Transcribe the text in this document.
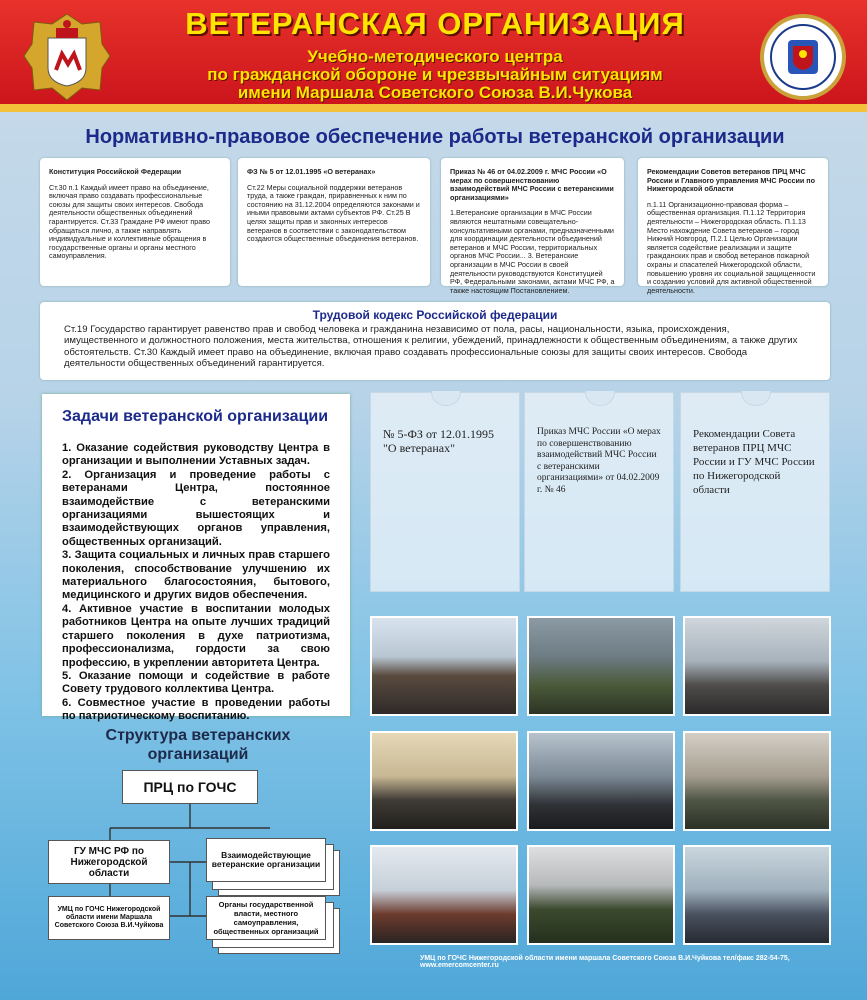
ВЕТЕРАНСКАЯ ОРГАНИЗАЦИЯ
Учебно-методического центра
по гражданской обороне и чрезвычайным ситуациям
имени Маршала Советского Союза В.И.Чукова
Нормативно-правовое обеспечение работы ветеранской организации
Конституция Российской Федерации

Ст.30 п.1 Каждый имеет право на объединение, включая право создавать профессиональные союзы для защиты своих интересов. Свобода деятельности общественных объединений гарантируется. Ст.33 Граждане РФ имеют право обращаться лично, а также направлять индивидуальные и коллективные обращения в государственные органы и органы местного самоуправления.

ФЗ № 5 от 12.01.1995 «О ветеранах»

Ст.22 Меры социальной поддержки ветеранов труда, а также граждан, приравненных к ним по состоянию на 31.12.2004 определяются законами и иными правовыми актами субъектов РФ. Ст.25 В целях защиты прав и законных интересов ветеранов в соответствии с законодательством создаются общественные объединения ветеранов.

Приказ № 46 от 04.02.2009 г. МЧС России «О мерах по совершенствованию взаимодействий МЧС России с ветеранскими организациями»

1.Ветеранские организации в МЧС России являются нештатными совещательно-консультативными органами, предназначенными для координации деятельности объединений ветеранов и МЧС России, территориальных органов МЧС России... 3. Ветеранские организации в МЧС России в своей деятельности руководствуются Конституцией РФ, Федеральными законами, актами МЧС РФ, а также настоящим Постановлением.

Рекомендации Советов ветеранов ПРЦ МЧС России и Главного управления МЧС России по Нижегородской области

п.1.11 Организационно-правовая форма – общественная организация. П.1.12 Территория деятельности – Нижегородская область. П.1.13 Место нахождение Совета ветеранов – город Нижний Новгород. П.2.1 Целью Организации является содействие реализации и защите гражданских прав и свобод ветеранов пожарной охраны и спасателей Нижегородской области, повышению уровня их социальной защищенности и созданию условий для активной общественной деятельности.

Трудовой кодекс Российской федерации
Ст.19 Государство гарантирует равенство прав и свобод человека и гражданина независимо от пола, расы, национальности, языка, происхождения, имущественного и должностного положения, места жительства, отношения к религии, убеждений, принадлежности к общественным объединениям, а также других обстоятельств. Ст.30 Каждый имеет право на объединение, включая право создавать профессиональные союзы для защиты своих интересов. Свобода деятельности общественных объединений гарантируется.
Задачи ветеранской организации
1. Оказание содействия руководству Центра в организации и выполнении Уставных задач.
2. Организация и проведение работы с ветеранами Центра, постоянное взаимодействие с ветеранскими организациями вышестоящих и взаимодействующих органов управления, общественных организаций.
3. Защита социальных и личных прав старшего поколения, способствование улучшению их материального благосостояния, бытового, медицинского и других видов обеспечения.
4. Активное участие в воспитании молодых работников Центра на опыте лучших традиций старшего поколения в духе патриотизма, профессионализма, гордости за свою профессию, в укреплении авторитета Центра.
5. Оказание помощи и содействие в работе Совету трудового коллектива Центра.
6. Совместное участие в проведении работы по патриотическому воспитанию.
№ 5-ФЗ от 12.01.1995 "О ветеранах"
Приказ МЧС России «О мерах по совершенствованию взаимодействий МЧС России с ветеранскими организациями» от 04.02.2009 г. № 46
Рекомендации Совета ветеранов ПРЦ МЧС России и ГУ МЧС России по Нижегородской области
Структура ветеранских организаций
ПРЦ по ГОЧС
ГУ МЧС РФ по Нижегородской области
УМЦ по ГОЧС Нижегородской области имени Маршала Советского Союза В.И.Чуйкова
Взаимодействующие ветеранские организации
Органы государственной власти, местного самоуправления, общественных организаций
УМЦ по ГОЧС Нижегородской области имени маршала Советского Союза В.И.Чуйкова тел/факс 282-54-75, www.emercomcenter.ru
